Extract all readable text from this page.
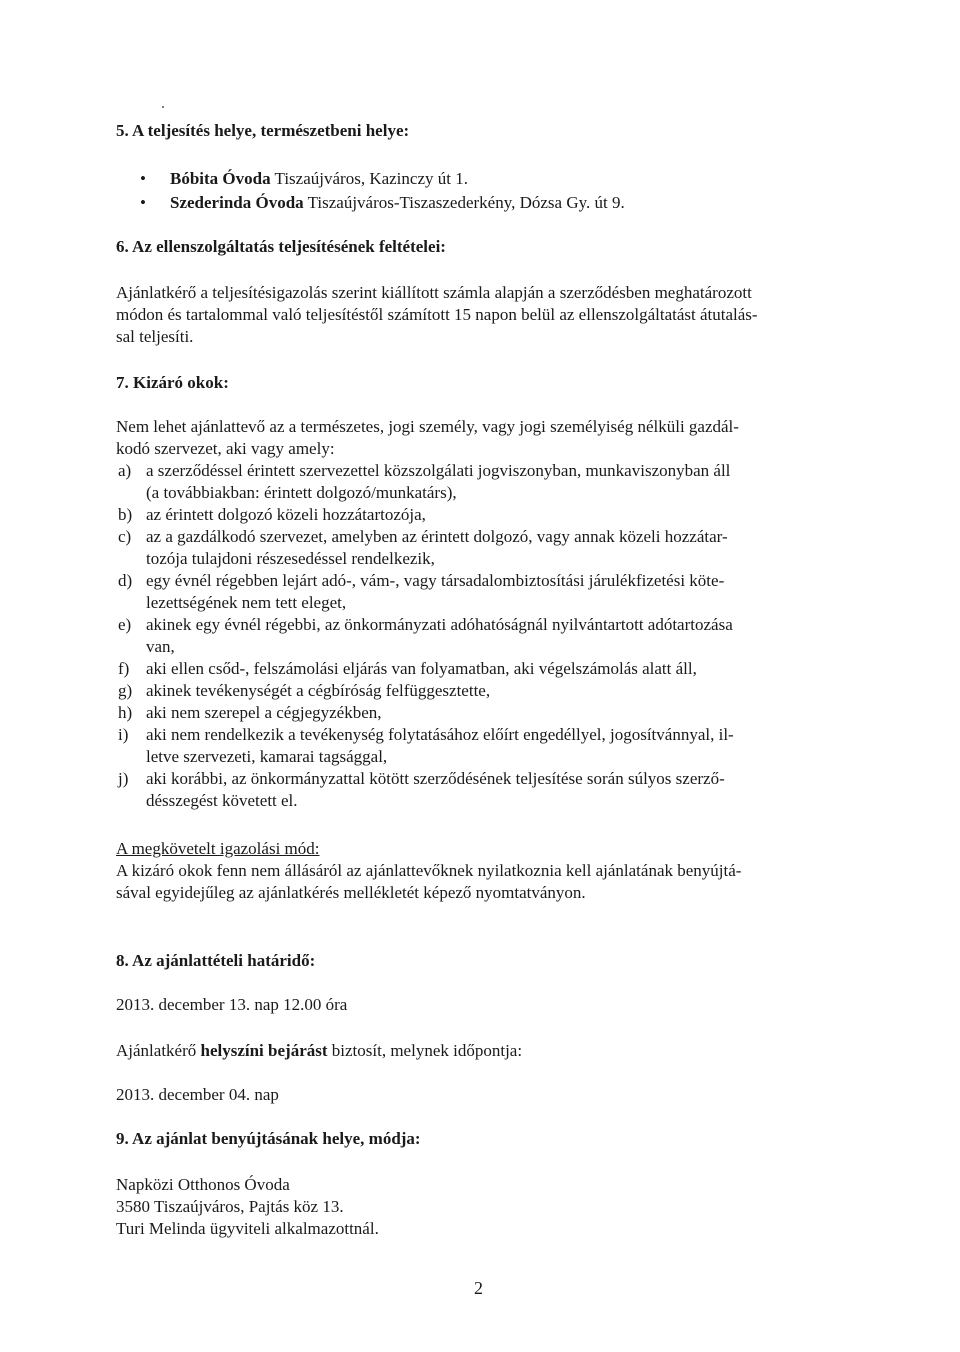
5. A teljesítés helye, természetbeni helye:
•	Bóbita Óvoda Tiszaújváros, Kazinczy út 1.
•	Szederinda Óvoda Tiszaújváros-Tiszaszederkény, Dózsa Gy. út 9.
6. Az ellenszolgáltatás teljesítésének feltételei:
Ajánlatkérő a teljesítésigazolás szerint kiállított számla alapján a szerződésben meghatározott
módon és tartalommal való teljesítéstől számított 15 napon belül az ellenszolgáltatást átutalás-
sal teljesíti.
7. Kizáró okok:
Nem lehet ajánlattevő az a természetes, jogi személy, vagy jogi személyiség nélküli gazdál-
kodó szervezet, aki vagy amely:
a) a szerződéssel érintett szervezettel közszolgálati jogviszonyban, munkaviszonyban áll
(a továbbiakban: érintett dolgozó/munkatárs),
b) az érintett dolgozó közeli hozzátartozója,
c) az a gazdálkodó szervezet, amelyben az érintett dolgozó, vagy annak közeli hozzátar-
tozója tulajdoni részesedéssel rendelkezik,
d) egy évnél régebben lejárt adó-, vám-, vagy társadalombiztosítási járulékfizetési köte-
lezettségének nem tett eleget,
e) akinek egy évnél régebbi, az önkormányzati adóhatóságnál nyilvántartott adótartozása
van,
f) aki ellen csőd-, felszámolási eljárás van folyamatban, aki végelszámolás alatt áll,
g) akinek tevékenységét a cégbíróság felfüggesztette,
h) aki nem szerepel a cégjegyzékben,
i)	aki nem rendelkezik a tevékenység folytatásához előírt engedéllyel, jogosítvánnyal, il-
letve szervezeti, kamarai tagsággal,
j)	aki korábbi, az önkormányzattal kötött szerződésének teljesítése során súlyos szerző-
désszegést követett el.
A megkövetelt igazolási mód:
A kizáró okok fenn nem állásáról az ajánlattevőknek nyilatkoznia kell ajánlatának benyújtá-
sával egyidejűleg az ajánlatkérés mellékletét képező nyomtatványon.
8. Az ajánlattételi határidő:
2013. december 13. nap 12.00 óra
Ajánlatkérő helyszíni bejárást biztosít, melynek időpontja:
2013. december 04. nap
9. Az ajánlat benyújtásának helye, módja:
Napközi Otthonos Óvoda
3580 Tiszaújváros, Pajtás köz 13.
Turi Melinda ügyviteli alkalmazottnál.
2
